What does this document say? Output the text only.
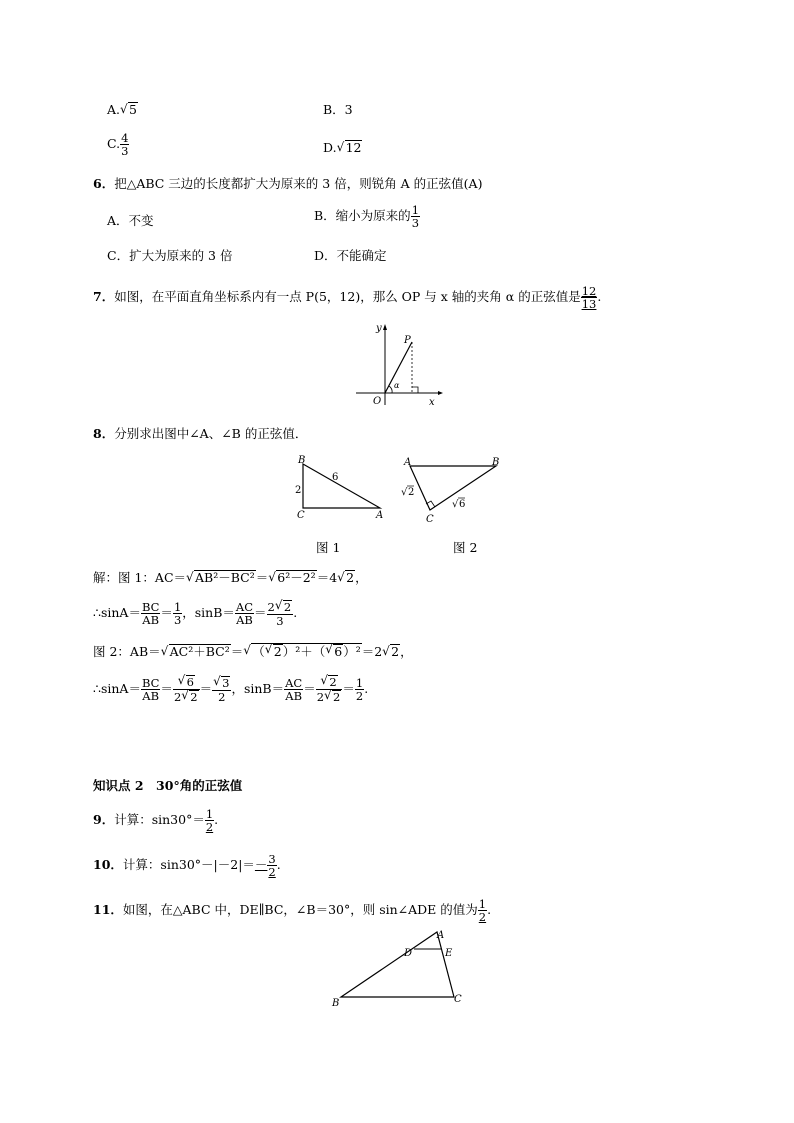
A. √ 5	B．3
C. $\frac{4}{3}$	D. √ 12
6．把△ABC 三边的长度都扩大为原来的 3 倍，则锐角 A 的正弦值(A)
A．不变	B．缩小为原来的 $\frac{1}{3}$
C．扩大为原来的 3 倍	D．不能确定
7．如图，在平面直角坐标系内有一点 P(5，12)，那么 OP 与 x 轴的夹角 α 的正弦值是 $\frac{12}{13}$ .
y
x
O
P
α
8．分别求出图中∠A、∠B 的正弦值．
B
C	A
6
2
A	B
C
√ 2
√ 6
图 1	图 2
解：图 1：AC＝ √ AB²－BC²＝ √ 6²－2²＝4 √ 2，
∴sinA＝ $\frac{BC}{AB} = \frac{1}{3}$ ，$\sin B= \frac{AC}{AB} = \frac{2 √ 2}{3}$ .
图 2：AB＝ √ AC²＋BC²＝ √ （ √ 2）²＋（ √ 6）²＝2 √ 2，
∴sinA＝ $\frac{BC}{AB}$ ＝ √ $\frac{6}{2 √ 2}$ ＝ √ $\frac{3}{2}$ ，$\sin B= \frac{AC}{AB}$ ＝ √ $\frac{2}{2 √ 2} = \frac{1}{2}$ .
知识点 2　30°角的正弦值
9．计算：$\sin 30^\circ= \frac{1}{2}$ .
10．计算：$\sin 30^\circ-|-2|=- \frac{3}{2}$ .
11．如图，在△ABC 中，DE∥BC，∠B＝30°，则 sin∠ADE 的值为 $\frac{1}{2}$ .
A
B	C
D	E
